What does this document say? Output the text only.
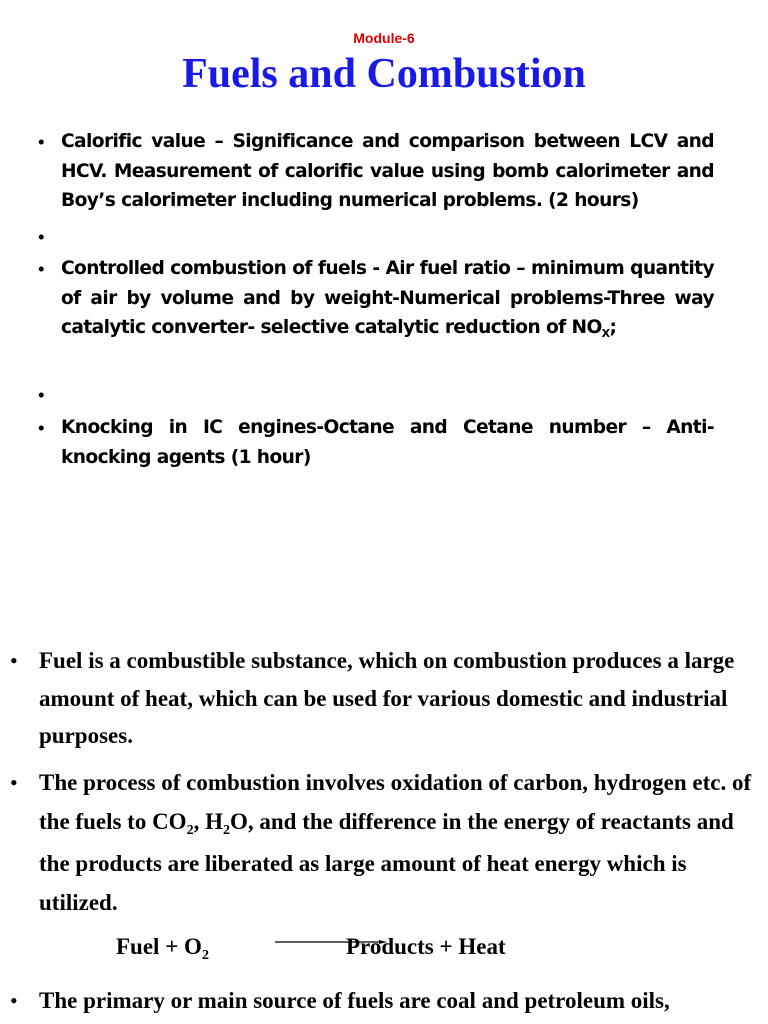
Module-6
Fuels and Combustion
• Calorific value – Significance and comparison between LCV and HCV. Measurement of calorific value using bomb calorimeter and Boy’s calorimeter including numerical problems. (2 hours)
•
• Controlled combustion of fuels - Air fuel ratio – minimum quantity of air by volume and by weight-Numerical problems-Three way catalytic converter- selective catalytic reduction of $NO_X$;
•
• Knocking in IC engines-Octane and Cetane number – Anti-knocking agents (1 hour)
• Fuel is a combustible substance, which on combustion produces a large amount of heat, which can be used for various domestic and industrial purposes.
• The process of combustion involves oxidation of carbon, hydrogen etc. of the fuels to $CO_2$, $H_2O$, and the difference in the energy of reactants and the products are liberated as large amount of heat energy which is utilized.
Fuel + $O_2$	Products + Heat
• The primary or main source of fuels are coal and petroleum oils,
